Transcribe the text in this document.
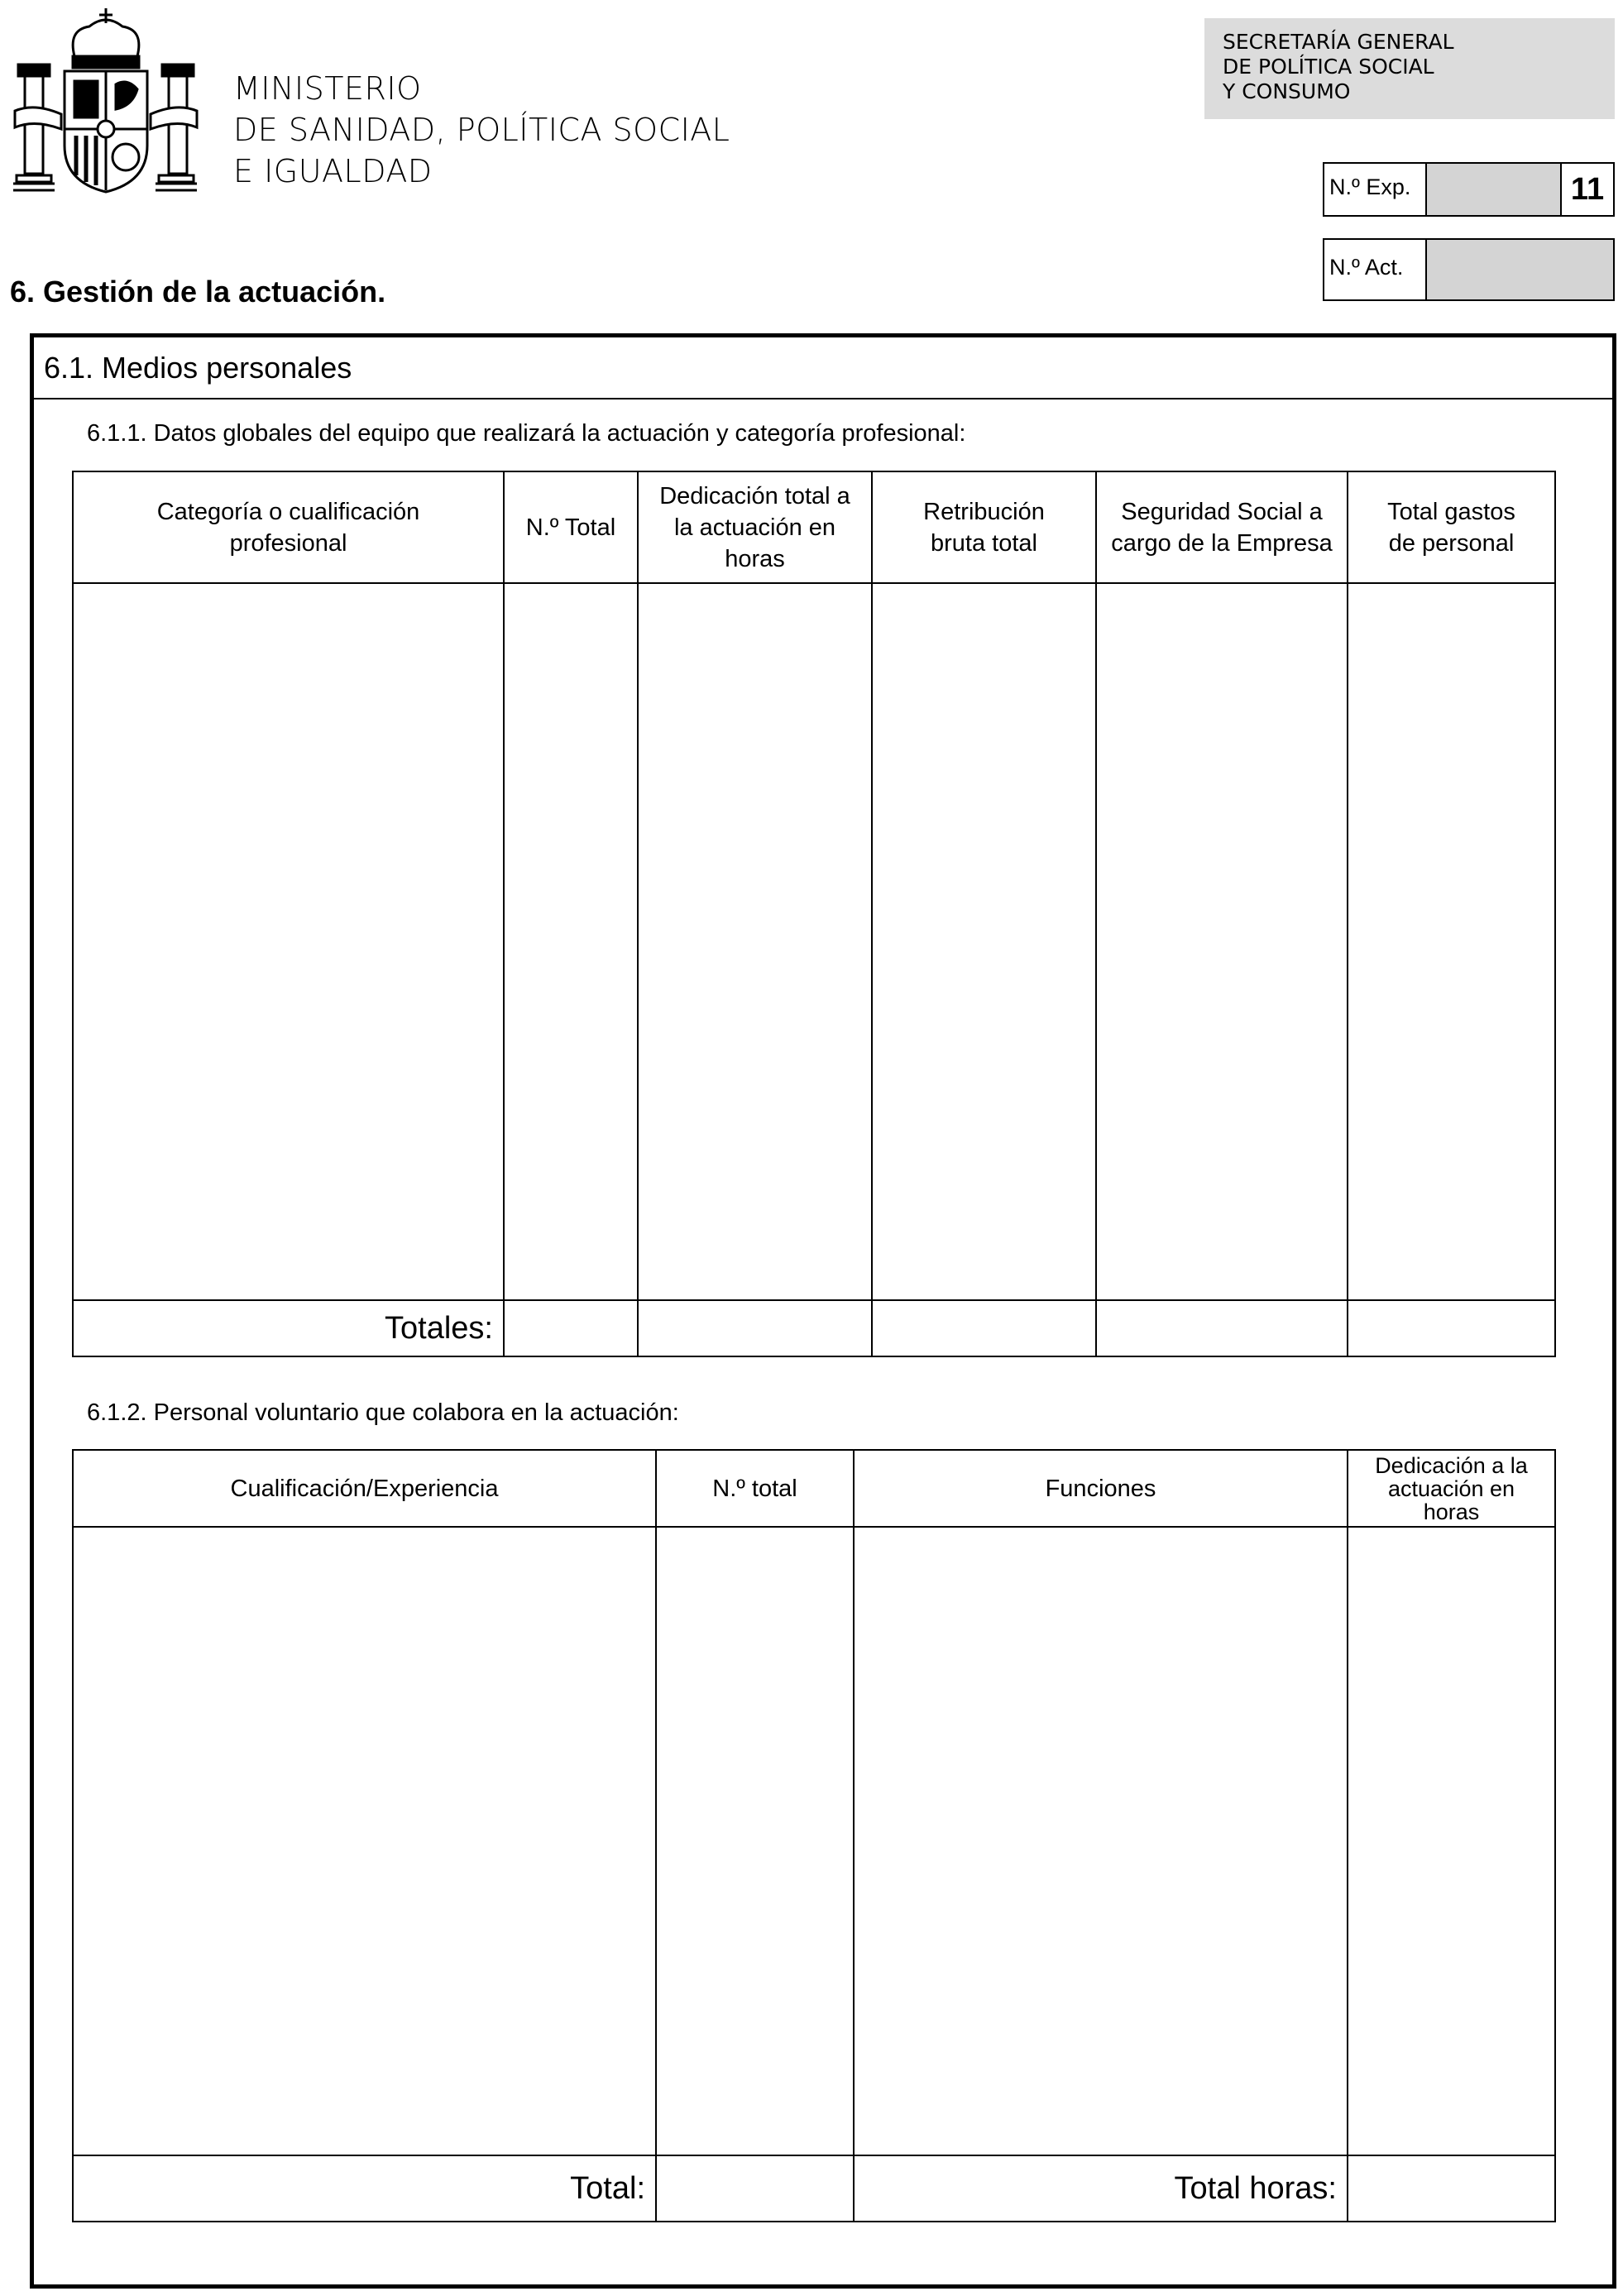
MINISTERIO
DE SANIDAD, POLÍTICA SOCIAL
E IGUALDAD
SECRETARÍA GENERAL
DE POLÍTICA SOCIAL
Y CONSUMO
N.º Exp.	11
N.º Act.
6. Gestión de la actuación.
6.1. Medios personales
6.1.1. Datos globales del equipo que realizará la actuación y categoría profesional:
Categoría o cualificación profesional	N.º Total	Dedicación total a la actuación en horas	Retribución bruta total	Seguridad Social a cargo de la Empresa	Total gastos de personal

Totales:					
6.1.2. Personal voluntario que colabora en la actuación:
Cualificación/Experiencia	N.º total	Funciones	Dedicación a la actuación en horas

Total:		Total horas:	
